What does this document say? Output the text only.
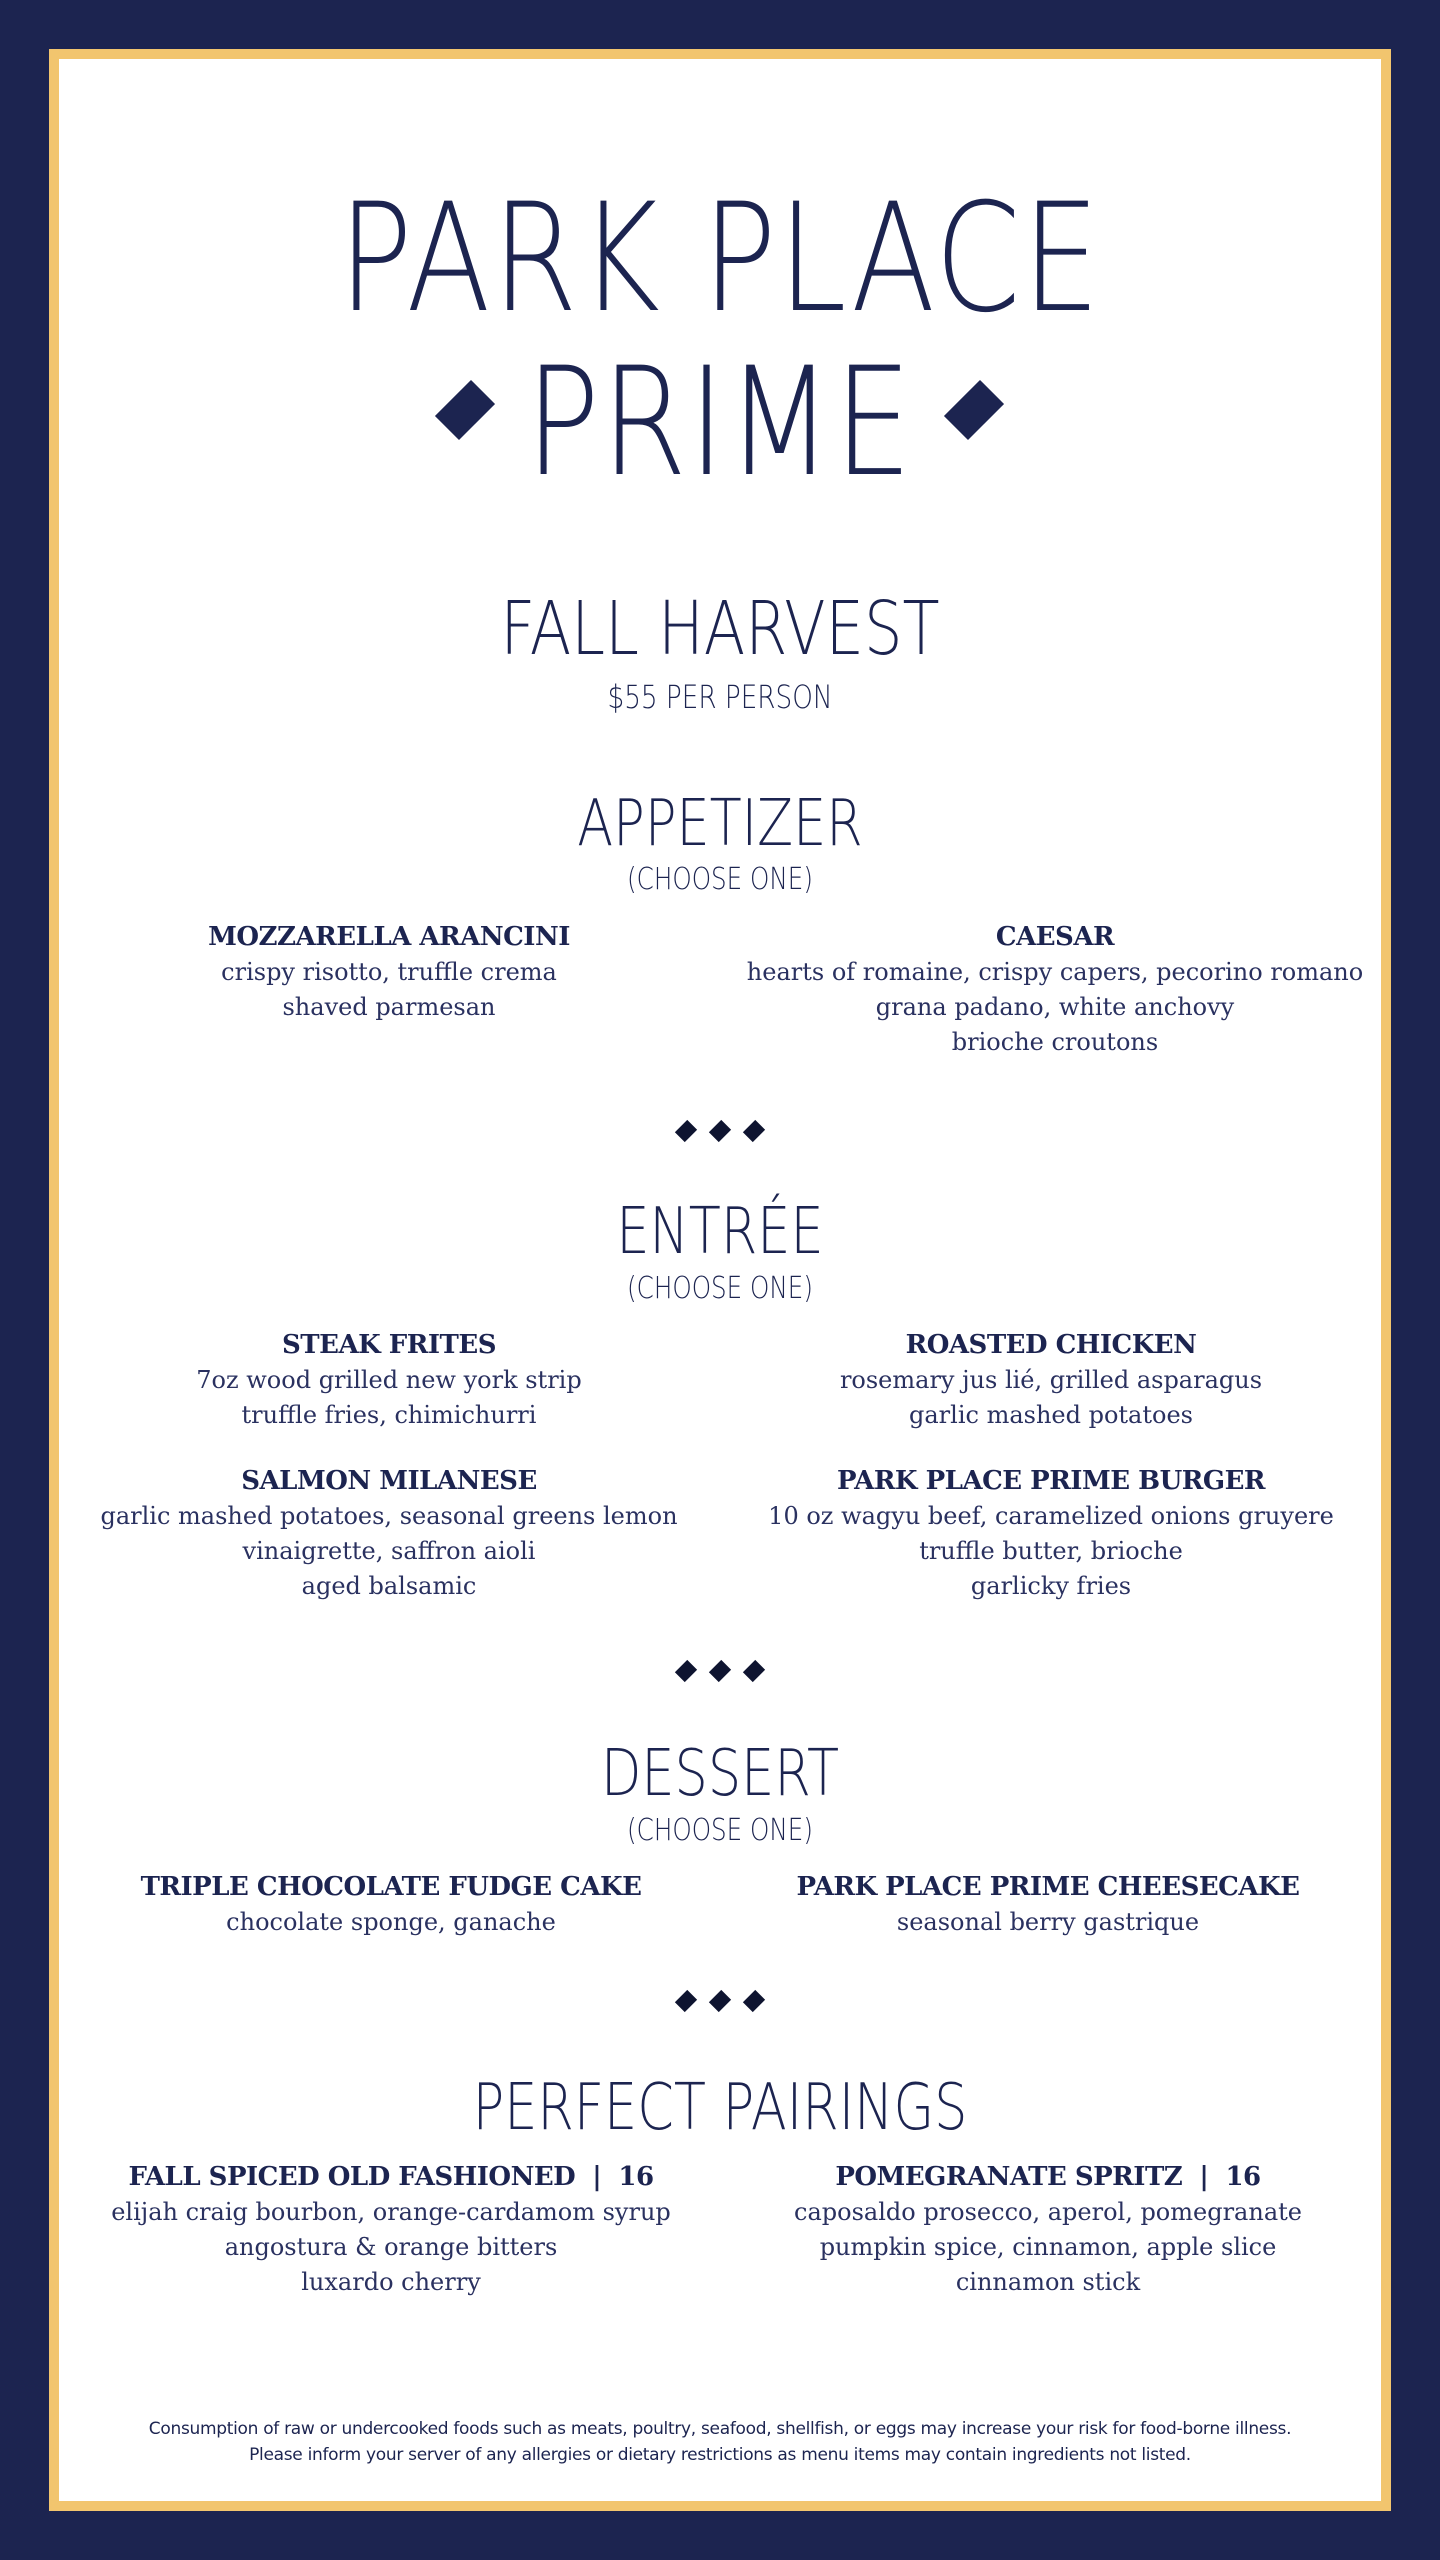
PARK PLACE
PRIME
FALL HARVEST
$55 PER PERSON
APPETIZER
(CHOOSE ONE)
MOZZARELLA ARANCINI
crispy risotto, truffle crema
shaved parmesan
CAESAR
hearts of romaine, crispy capers, pecorino romano
grana padano, white anchovy
brioche croutons
ENTRÉE
(CHOOSE ONE)
STEAK FRITES
7oz wood grilled new york strip
truffle fries, chimichurri
ROASTED CHICKEN
rosemary jus lié, grilled asparagus
garlic mashed potatoes
SALMON MILANESE
garlic mashed potatoes, seasonal greens lemon
vinaigrette, saffron aioli
aged balsamic
PARK PLACE PRIME BURGER
10 oz wagyu beef, caramelized onions gruyere
truffle butter, brioche
garlicky fries
DESSERT
(CHOOSE ONE)
TRIPLE CHOCOLATE FUDGE CAKE
chocolate sponge, ganache
PARK PLACE PRIME CHEESECAKE
seasonal berry gastrique
PERFECT PAIRINGS
FALL SPICED OLD FASHIONED  |  16
elijah craig bourbon, orange-cardamom syrup
angostura & orange bitters
luxardo cherry
POMEGRANATE SPRITZ  |  16
caposaldo prosecco, aperol, pomegranate
pumpkin spice, cinnamon, apple slice
cinnamon stick
Consumption of raw or undercooked foods such as meats, poultry, seafood, shellfish, or eggs may increase your risk for food-borne illness.
Please inform your server of any allergies or dietary restrictions as menu items may contain ingredients not listed.
